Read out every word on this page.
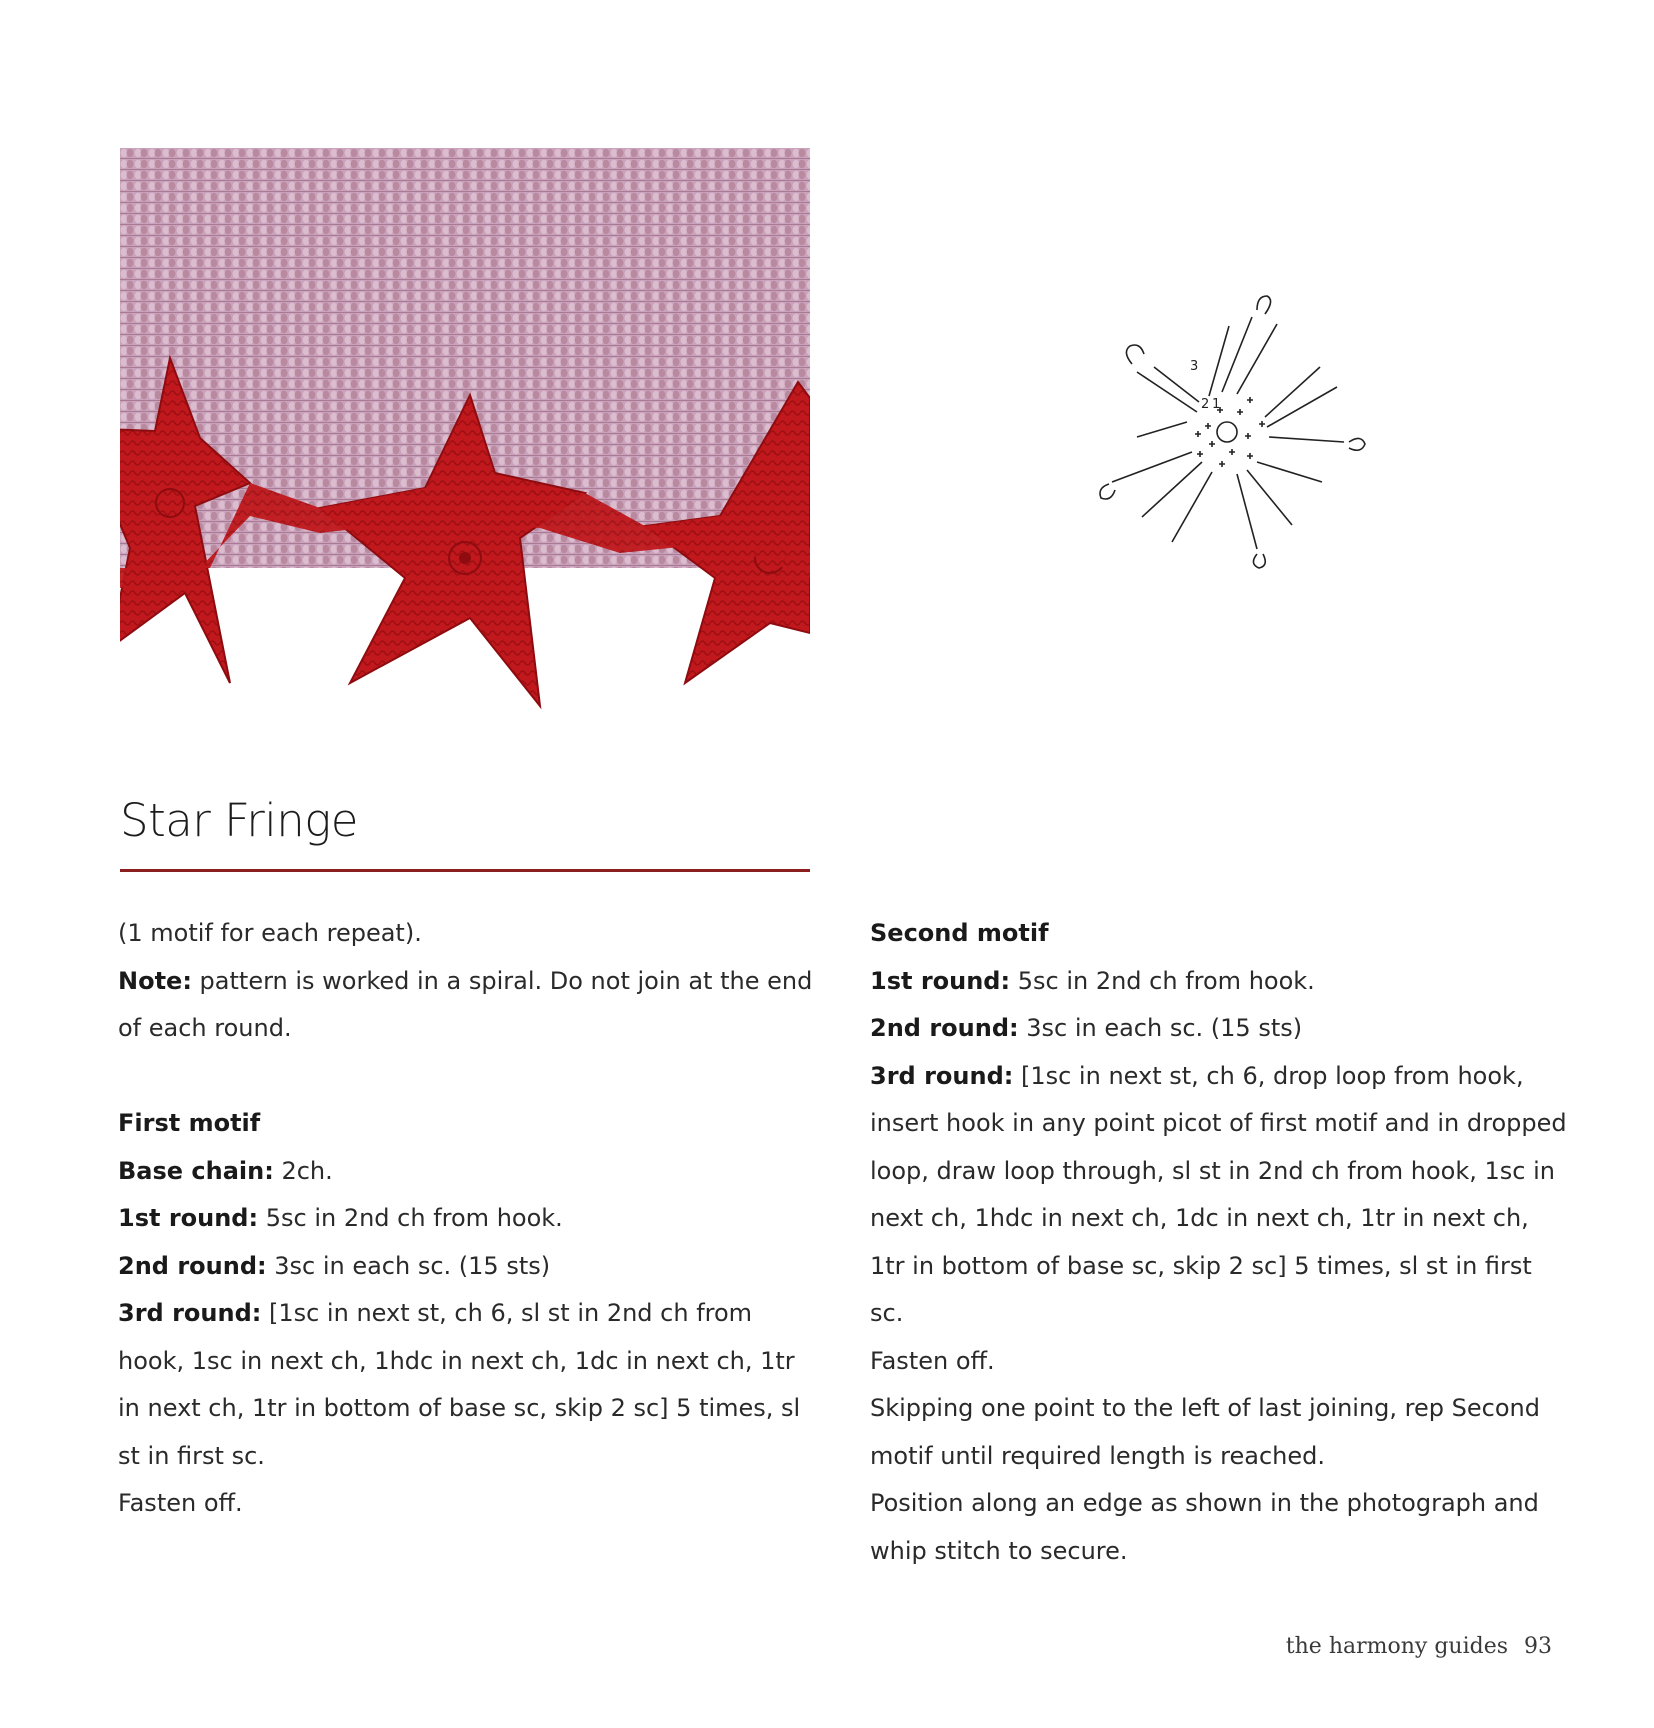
3
2 1
Star Fringe

(1 motif for each repeat).

Note: pattern is worked in a spiral. Do not join at the end of each round.

First motif

Base chain: 2ch.

1st round: 5sc in 2nd ch from hook.

2nd round: 3sc in each sc. (15 sts)

3rd round: [1sc in next st, ch 6, sl st in 2nd ch from hook, 1sc in next ch, 1hdc in next ch, 1dc in next ch, 1tr in next ch, 1tr in bottom of base sc, skip 2 sc] 5 times, sl st in first sc.

Fasten off.

Second motif

1st round: 5sc in 2nd ch from hook.

2nd round: 3sc in each sc. (15 sts)

3rd round: [1sc in next st, ch 6, drop loop from hook, insert hook in any point picot of first motif and in dropped loop, draw loop through, sl st in 2nd ch from hook, 1sc in next ch, 1hdc in next ch, 1dc in next ch, 1tr in next ch, 1tr in bottom of base sc, skip 2 sc] 5 times, sl st in first sc.

Fasten off.

Skipping one point to the left of last joining, rep Second motif until required length is reached.

Position along an edge as shown in the photograph and whip stitch to secure.

the harmony guides 93
